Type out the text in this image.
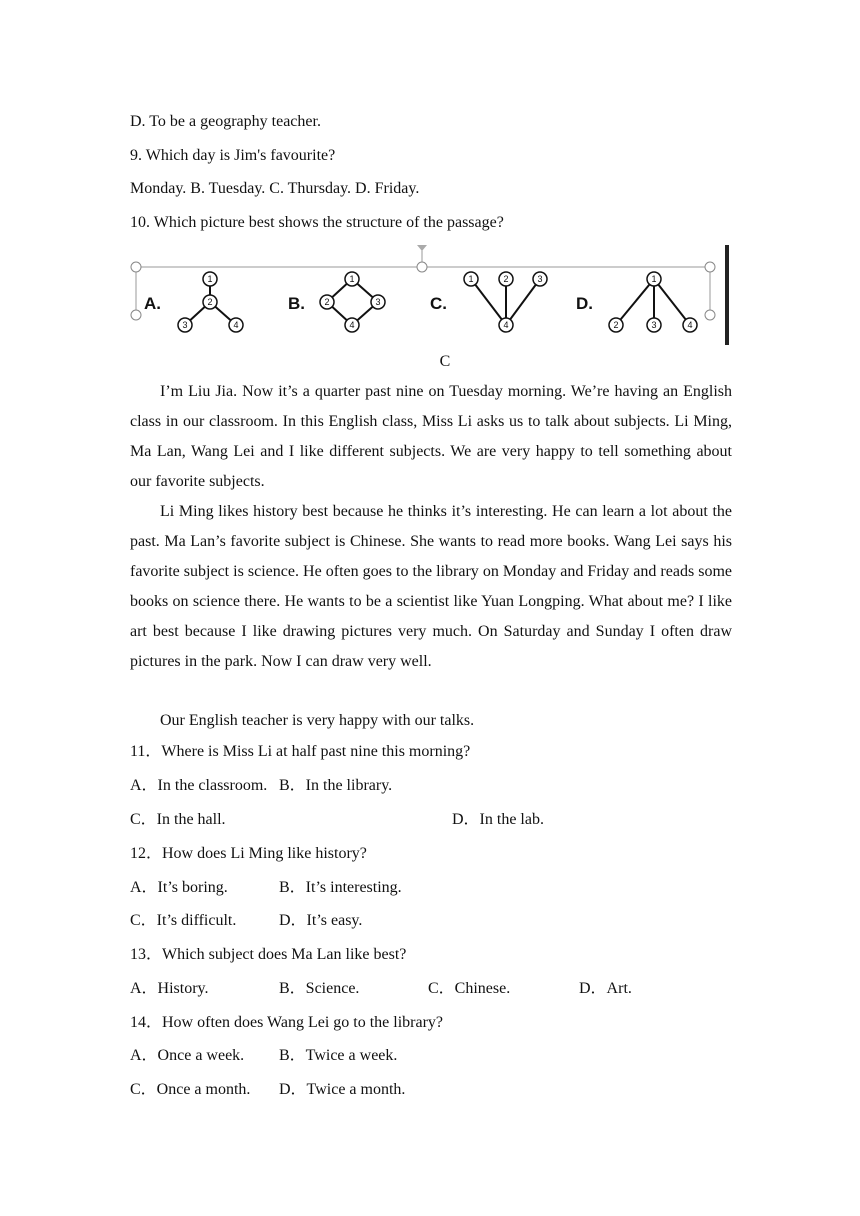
D. To be a geography teacher.
9. Which day is Jim's favourite?
Monday. B. Tuesday. C. Thursday. D. Friday.
10. Which picture best shows the structure of the passage?
A.
1
2
3	4
B.
1
2	3
4
C.
1	2	3
4
D.
1
2	3	4
C
I’m Liu Jia. Now it’s a quarter past nine on Tuesday morning. We’re having an English class in our classroom. In this English class, Miss Li asks us to talk about subjects. Li Ming, Ma Lan, Wang Lei and I like different subjects. We are very happy to tell something about our favorite subjects.
Li Ming likes history best because he thinks it’s interesting. He can learn a lot about the past. Ma Lan’s favorite subject is Chinese. She wants to read more books. Wang Lei says his favorite subject is science. He often goes to the library on Monday and Friday and reads some books on science there. He wants to be a scientist like Yuan Longping. What about me? I like art best because I like drawing pictures very much. On Saturday and Sunday I often draw pictures in the park. Now I can draw very well.
Our English teacher is very happy with our talks.
11．Where is Miss Li at half past nine this morning?
A．In the classroom. B．In the library.
C．In the hall.	D．In the lab.
12．How does Li Ming like history?
A．It’s boring.	B．It’s interesting.
C．It’s difficult.	D．It’s easy.
13．Which subject does Ma Lan like best?
A．History.	B．Science.	C．Chinese.	D．Art.
14．How often does Wang Lei go to the library?
A．Once a week. B．Twice a week.
C．Once a month. D．Twice a month.
